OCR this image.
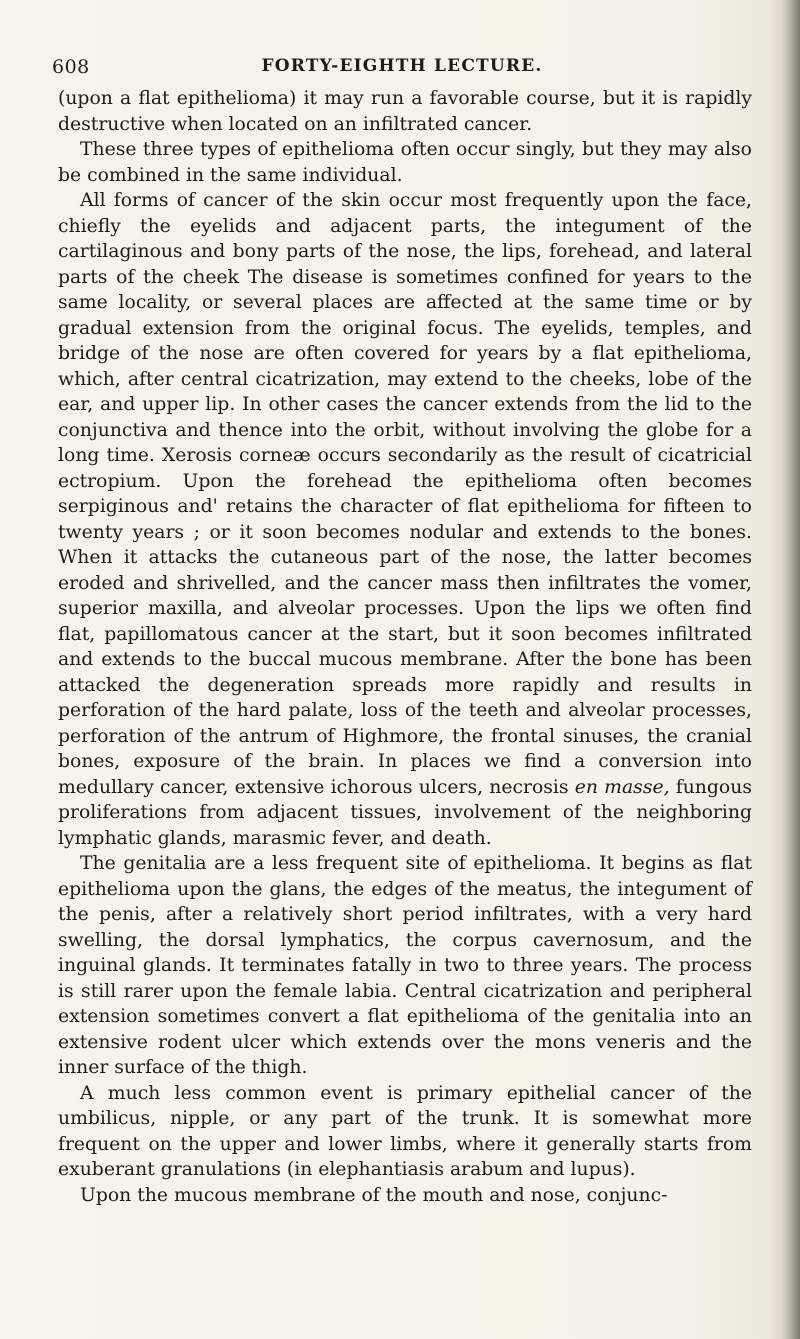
608	FORTY-EIGHTH LECTURE.

(upon a flat epithelioma) it may run a favorable course, but it is rapidly destructive when located on an infiltrated cancer.

These three types of epithelioma often occur singly, but they may also be combined in the same individual.

All forms of cancer of the skin occur most frequently upon the face, chiefly the eyelids and adjacent parts, the integument of the cartilaginous and bony parts of the nose, the lips, forehead, and lateral parts of the cheek The disease is sometimes confined for years to the same locality, or several places are affected at the same time or by gradual extension from the original focus. The eyelids, temples, and bridge of the nose are often covered for years by a flat epithelioma, which, after central cicatrization, may extend to the cheeks, lobe of the ear, and upper lip. In other cases the cancer extends from the lid to the conjunctiva and thence into the orbit, without involving the globe for a long time. Xerosis corneæ occurs secondarily as the result of cicatricial ectropium. Upon the forehead the epithelioma often becomes serpiginous and' retains the character of flat epithelioma for fifteen to twenty years ; or it soon becomes nodular and extends to the bones. When it attacks the cutaneous part of the nose, the latter becomes eroded and shrivelled, and the cancer mass then infiltrates the vomer, superior maxilla, and alveolar processes. Upon the lips we often find flat, papillomatous cancer at the start, but it soon becomes infiltrated and extends to the buccal mucous membrane. After the bone has been attacked the degeneration spreads more rapidly and results in perforation of the hard palate, loss of the teeth and alveolar processes, perforation of the antrum of Highmore, the frontal sinuses, the cranial bones, exposure of the brain. In places we find a conversion into medullary cancer, extensive ichorous ulcers, necrosis en masse, fungous proliferations from adjacent tissues, involvement of the neighboring lymphatic glands, marasmic fever, and death.

The genitalia are a less frequent site of epithelioma. It begins as flat epithelioma upon the glans, the edges of the meatus, the integument of the penis, after a relatively short period infiltrates, with a very hard swelling, the dorsal lymphatics, the corpus cavernosum, and the inguinal glands. It terminates fatally in two to three years. The process is still rarer upon the female labia. Central cicatrization and peripheral extension sometimes convert a flat epithelioma of the genitalia into an extensive rodent ulcer which extends over the mons veneris and the inner surface of the thigh.

A much less common event is primary epithelial cancer of the umbilicus, nipple, or any part of the trunk. It is somewhat more frequent on the upper and lower limbs, where it generally starts from exuberant granulations (in elephantiasis arabum and lupus).

Upon the mucous membrane of the mouth and nose, conjunc-
